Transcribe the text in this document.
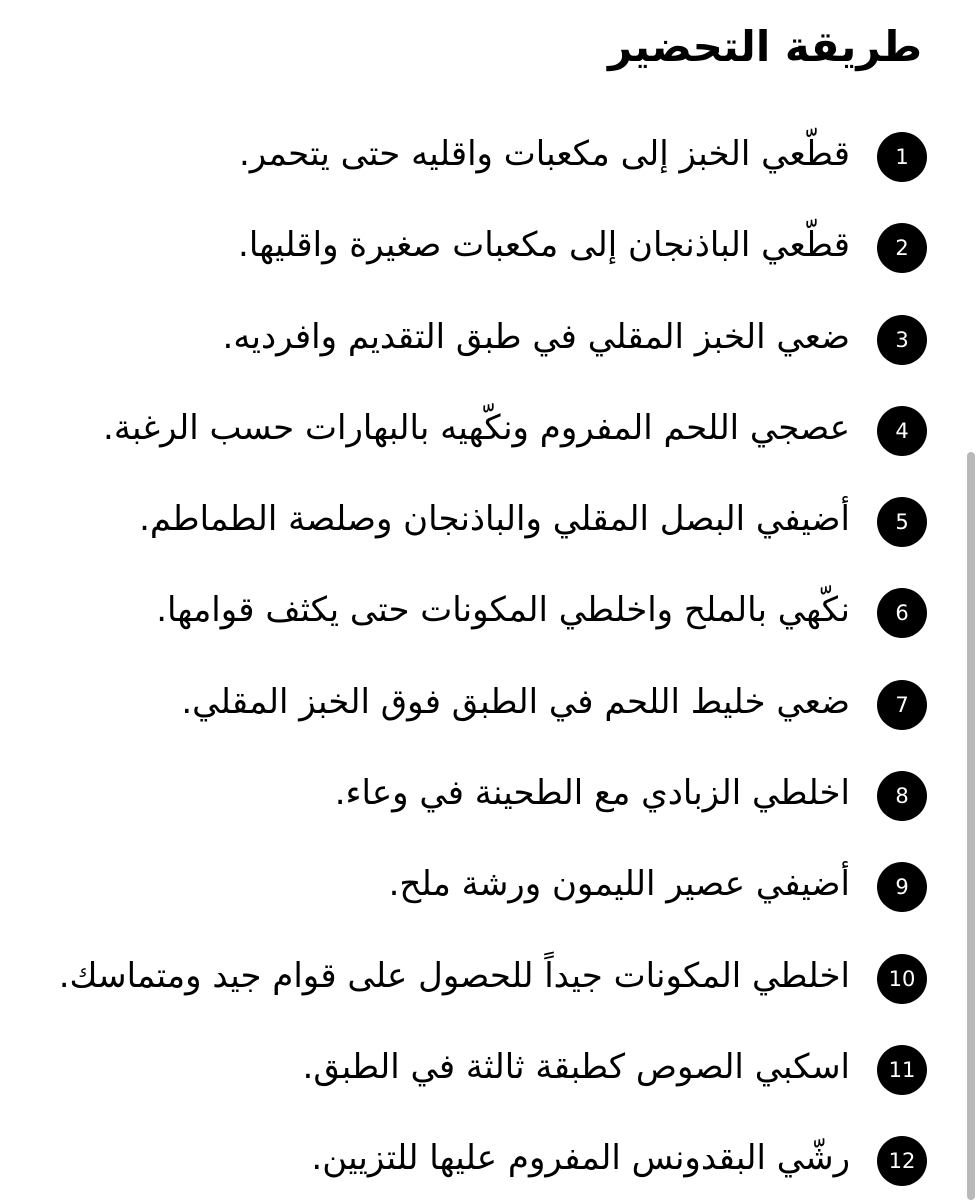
طريقة التحضير
1

قطّعي الخبز إلى مكعبات واقليه حتى يتحمر.

2

قطّعي الباذنجان إلى مكعبات صغيرة واقليها.

3

ضعي الخبز المقلي في طبق التقديم وافرديه.

4

عصجي اللحم المفروم ونكّهيه بالبهارات حسب الرغبة.

5

أضيفي البصل المقلي والباذنجان وصلصة الطماطم.

6

نكّهي بالملح واخلطي المكونات حتى يكثف قوامها.

7

ضعي خليط اللحم في الطبق فوق الخبز المقلي.

8

اخلطي الزبادي مع الطحينة في وعاء.

9

أضيفي عصير الليمون ورشة ملح.

10

اخلطي المكونات جيداً للحصول على قوام جيد ومتماسك.

11

اسكبي الصوص كطبقة ثالثة في الطبق.

12

رشّي البقدونس المفروم عليها للتزيين.
